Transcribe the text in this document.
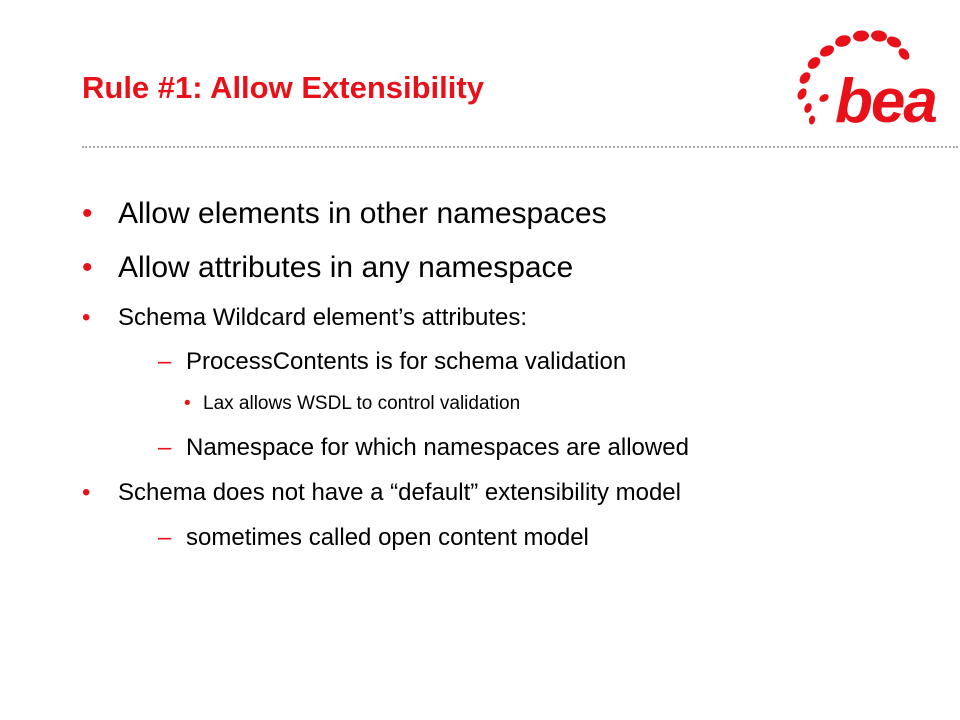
Rule #1: Allow Extensibility	bea
• Allow elements in other namespaces
• Allow attributes in any namespace
• Schema Wildcard element’s attributes:
– ProcessContents is for schema validation
• Lax allows WSDL to control validation
– Namespace for which namespaces are allowed
• Schema does not have a “default” extensibility model
– sometimes called open content model
